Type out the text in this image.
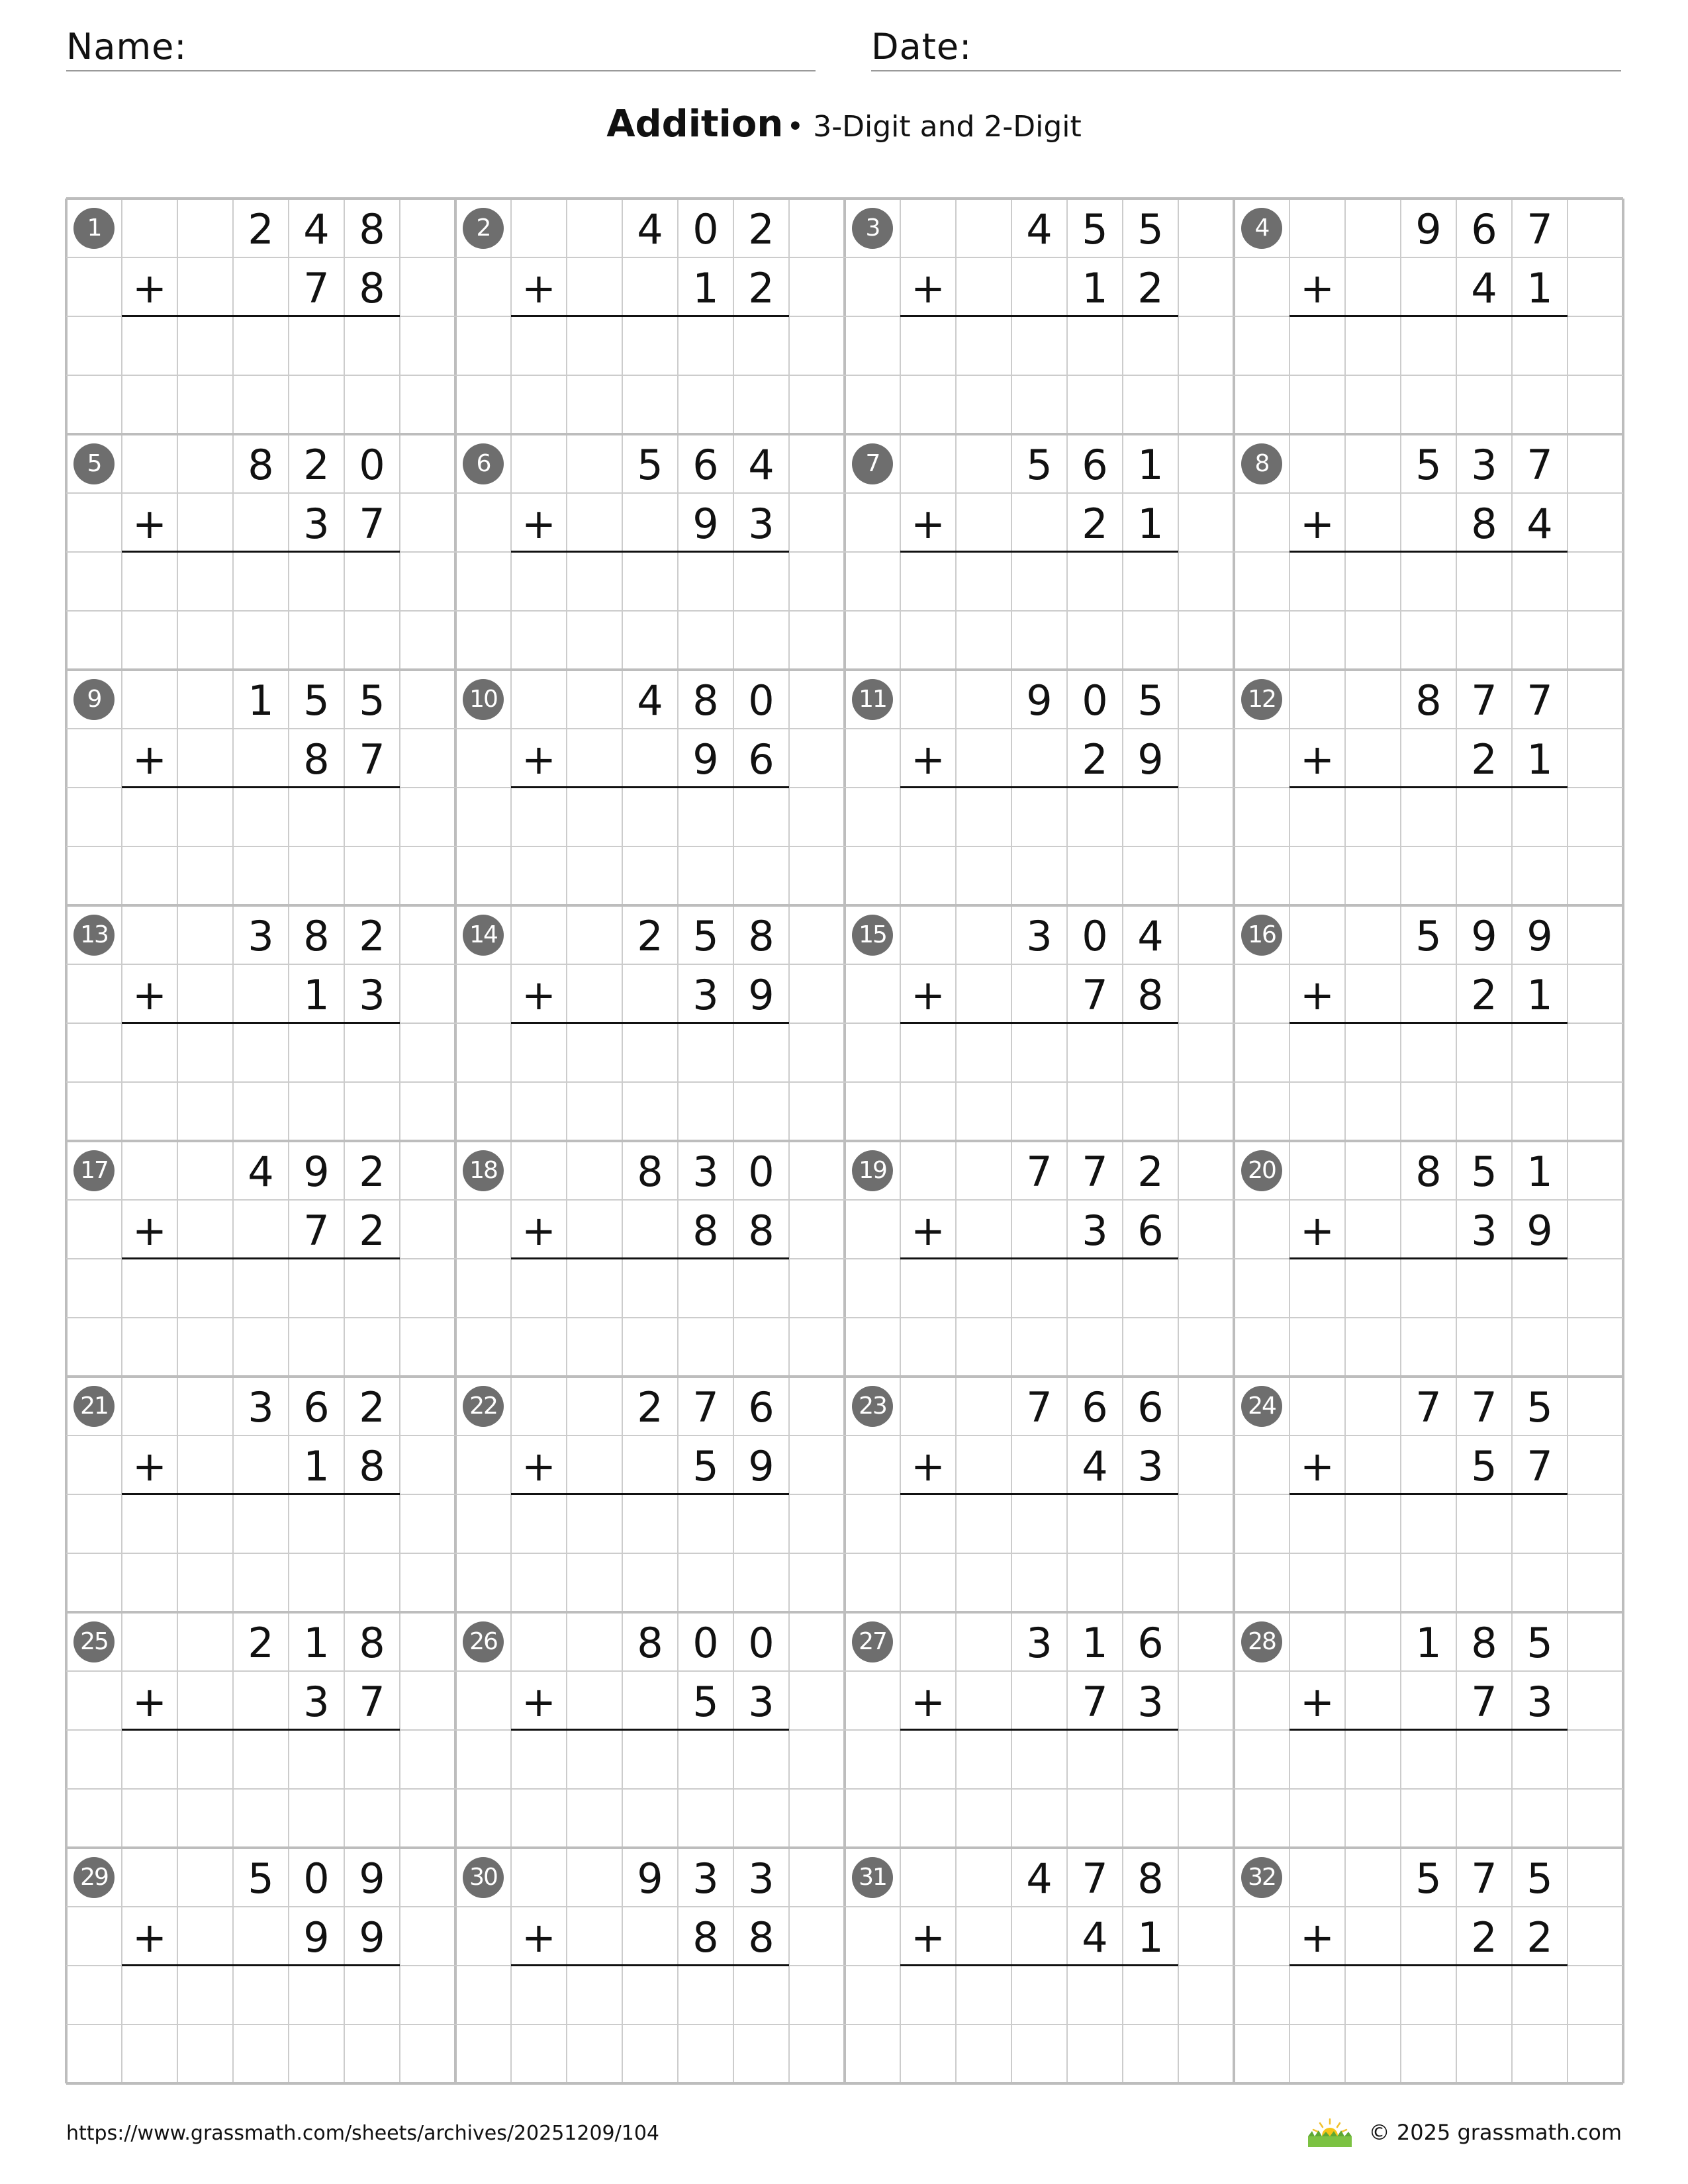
Name:	Date:
Addition • 3-Digit and 2-Digit
1	2 4 8
+	7 8
2	4 0 2
+	1 2
3	4 5 5
+	1 2
4	9 6 7
+	4 1
5	8 2 0
+	3 7
6	5 6 4
+	9 3
7	5 6 1
+	2 1
8	5 3 7
+	8 4
9	1 5 5
+	8 7
10	4 8 0
+	9 6
11	9 0 5
+	2 9
12	8 7 7
+	2 1
13	3 8 2
+	1 3
14	2 5 8
+	3 9
15	3 0 4
+	7 8
16	5 9 9
+	2 1
17	4 9 2
+	7 2
18	8 3 0
+	8 8
19	7 7 2
+	3 6
20	8 5 1
+	3 9
21	3 6 2
+	1 8
22	2 7 6
+	5 9
23	7 6 6
+	4 3
24	7 7 5
+	5 7
25	2 1 8
+	3 7
26	8 0 0
+	5 3
27	3 1 6
+	7 3
28	1 8 5
+	7 3
29	5 0 9
+	9 9
30	9 3 3
+	8 8
31	4 7 8
+	4 1
32	5 7 5
+	2 2
https://www.grassmath.com/sheets/archives/20251209/104	© 2025 grassmath.com
